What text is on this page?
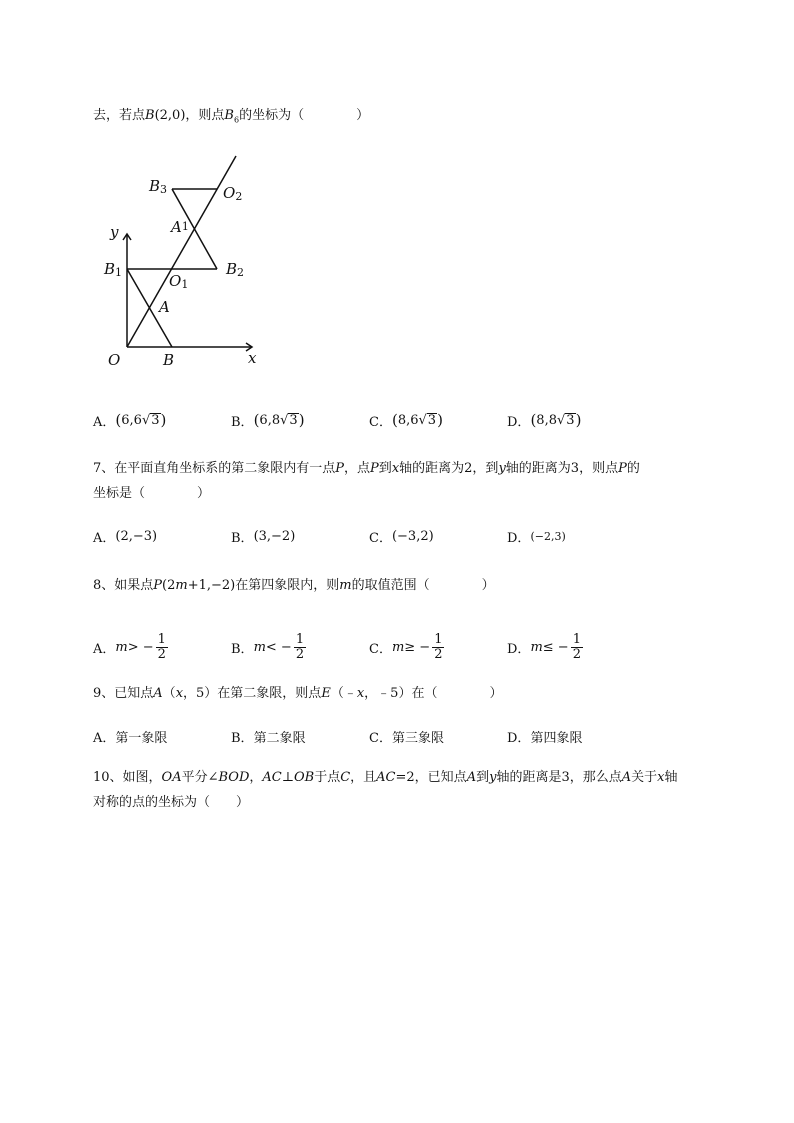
去，若点B(2,0)，则点$B_6$的坐标为（　　　　）
y
x
O	B
A
B1	O1
B2
A1
B3	O2
A． ( 6,6 √ 3 )	B． ( 6,8 √ 3 )	C． ( 8,6 √ 3 )	D． ( 8,8 √ 3 )
7、在平面直角坐标系的第二象限内有一点P，点P到x轴的距离为2，到y轴的距离为3，则点P的
坐标是（　　　　）
A． (2,−3)	B． (3,−2)	C． (−3,2)	D． (−2,3)
8、如果点P(2m+1,−2)在第四象限内，则m的取值范围（　　　　）
A． m > − $\frac{1}{2}$	B． m < − $\frac{1}{2}$	C． m ≥ − $\frac{1}{2}$	D． m ≤ − $\frac{1}{2}$
9、已知点A（x，5）在第二象限，则点E（﹣x，﹣5）在（　　　　）
A． 第一象限	B． 第二象限	C． 第三象限	D． 第四象限
10、如图，OA平分∠BOD，AC⊥OB于点C，且AC=2，已知点A到y轴的距离是3，那么点A关于x轴
对称的点的坐标为（　　）
